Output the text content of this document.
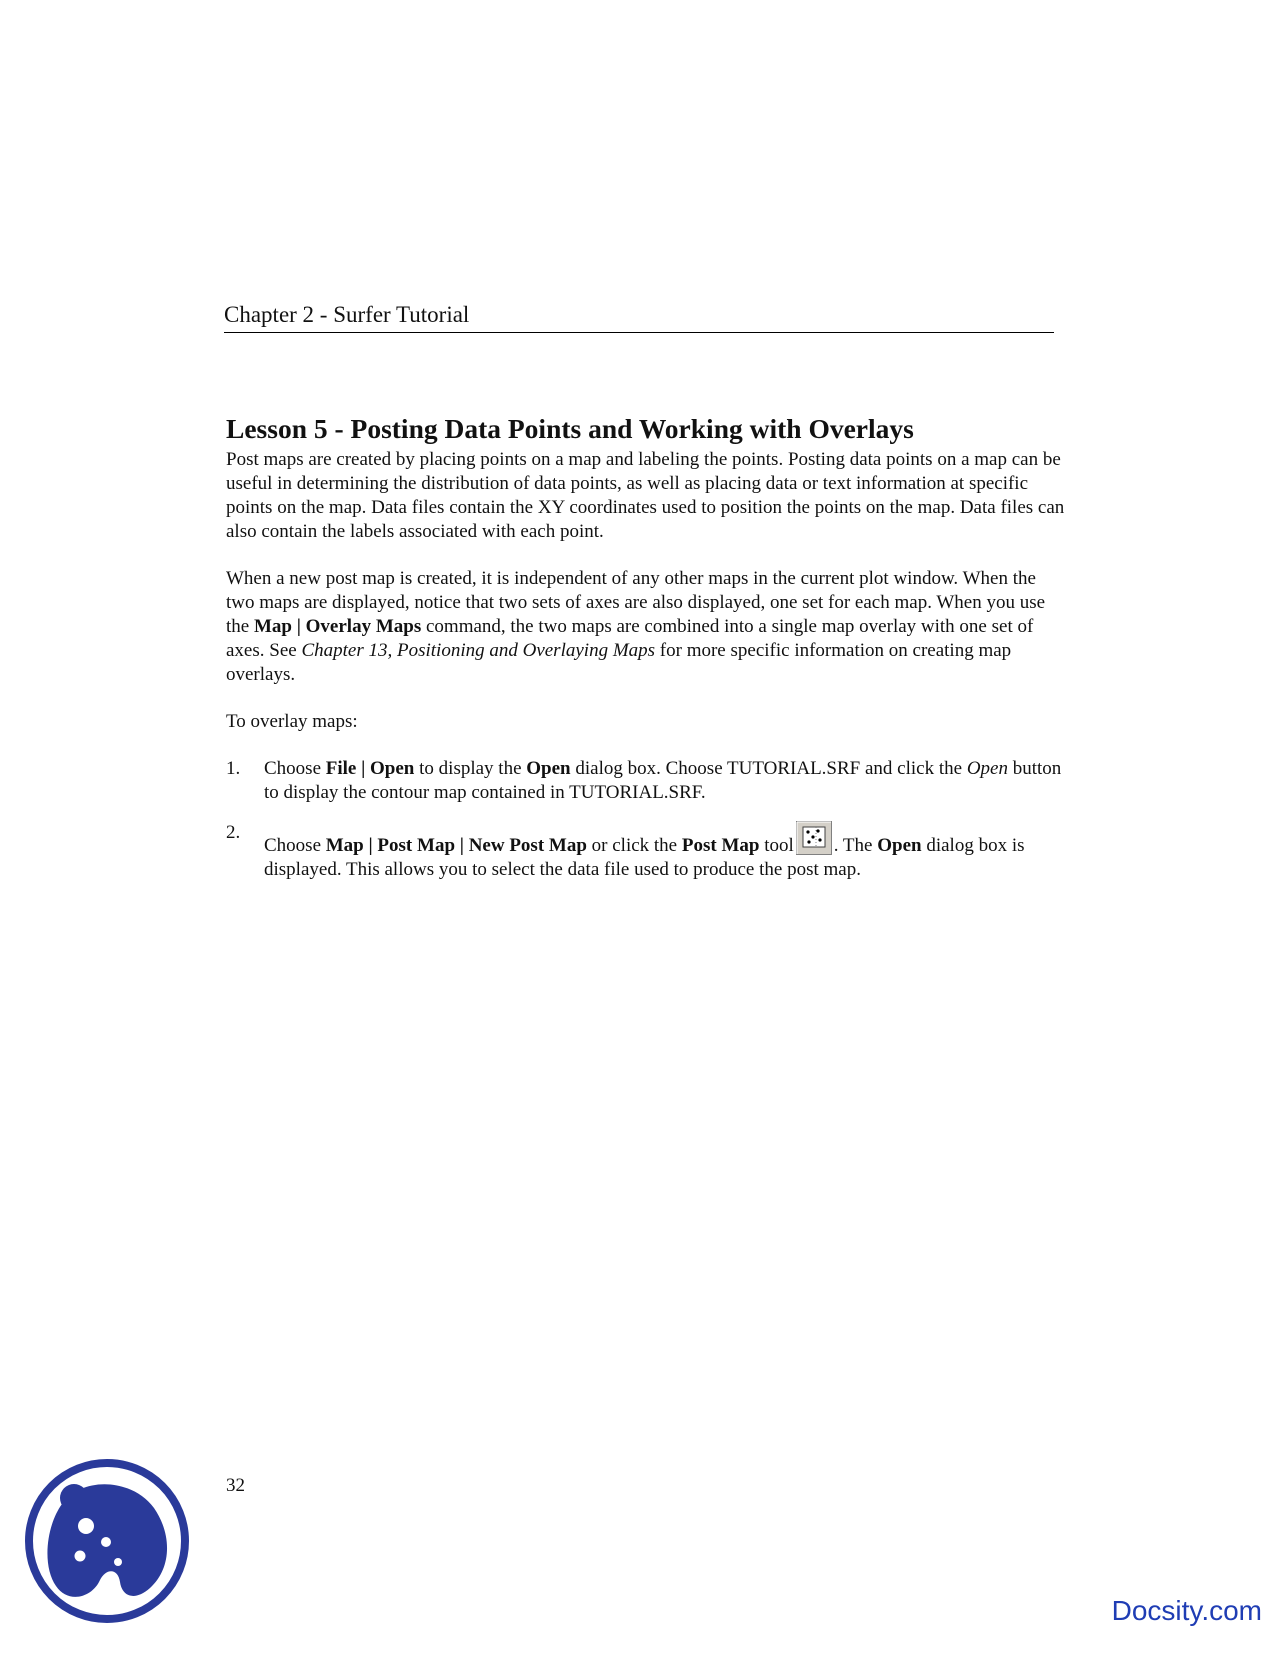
Chapter 2 - Surfer Tutorial
Lesson 5 - Posting Data Points and Working with Overlays

Post maps are created by placing points on a map and labeling the points. Posting data points on a map can be useful in determining the distribution of data points, as well as placing data or text information at specific points on the map. Data files contain the XY coordinates used to position the points on the map. Data files can also contain the labels associated with each point.

When a new post map is created, it is independent of any other maps in the current plot window. When the two maps are displayed, notice that two sets of axes are also displayed, one set for each map. When you use the Map | Overlay Maps command, the two maps are combined into a single map overlay with one set of axes. See Chapter 13, Positioning and Overlaying Maps for more specific information on creating map overlays.

To overlay maps:

1. Choose File | Open to display the Open dialog box. Choose TUTORIAL.SRF and click the Open button to display the contour map contained in TUTORIAL.SRF.
2.
Choose Map | Post Map | New Post Map or click the Post Map tool . The Open dialog box is displayed. This allows you to select the data file used to produce the post map.
32
Docsity.com
